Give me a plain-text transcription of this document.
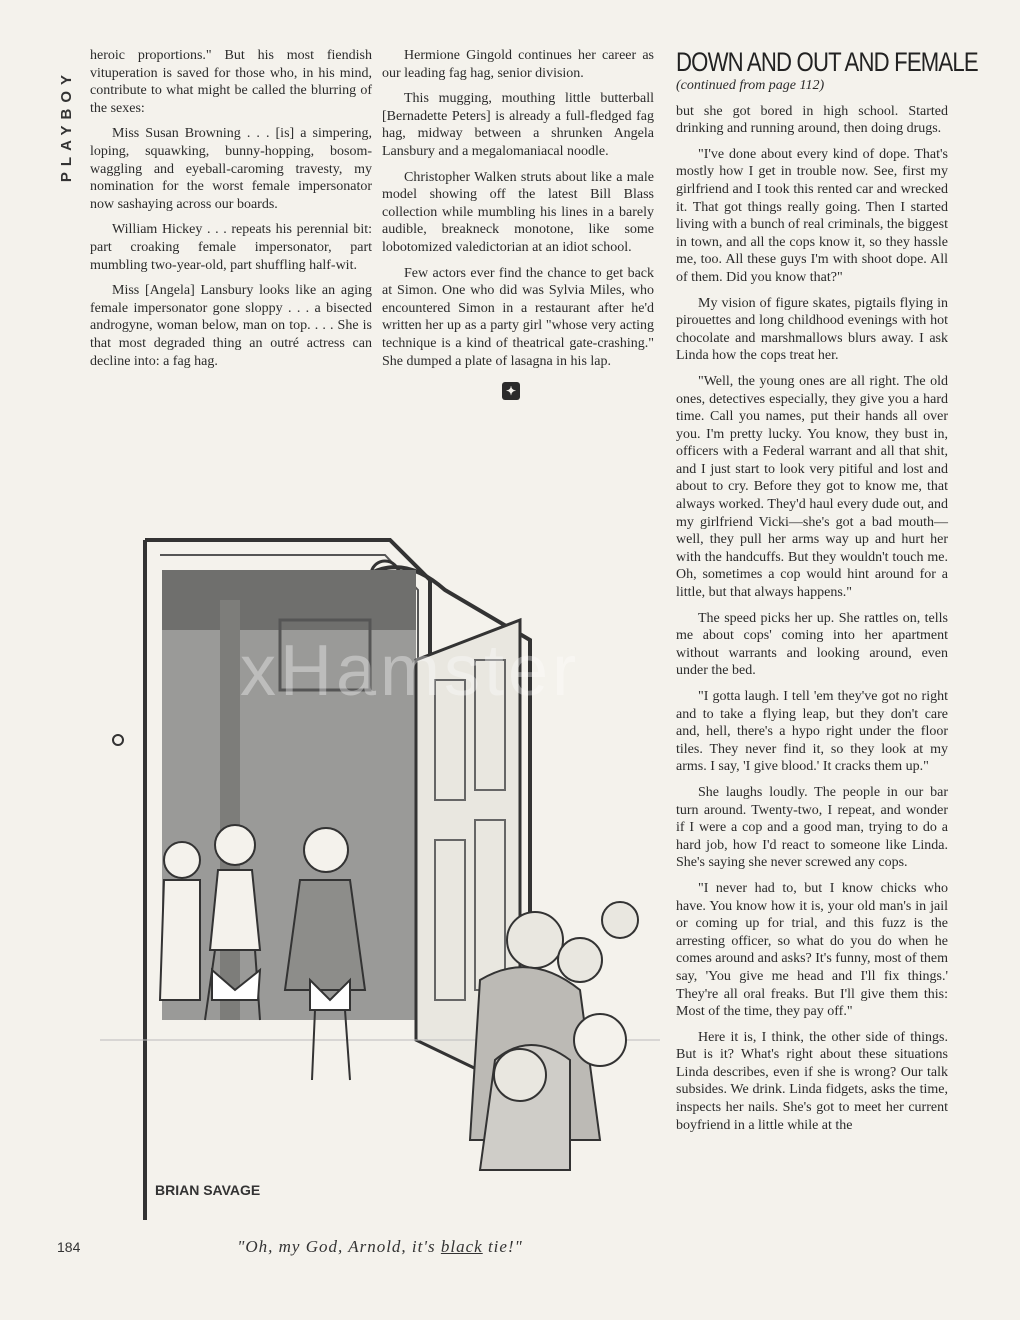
PLAYBOY

heroic proportions." But his most fiendish vituperation is saved for those who, in his mind, contribute to what might be called the blurring of the sexes:

Miss Susan Browning . . . [is] a simpering, loping, squawking, bunny-hopping, bosom-waggling and eyeball-caroming travesty, my nomination for the worst female impersonator now sashaying across our boards.

William Hickey . . . repeats his perennial bit: part croaking female impersonator, part mumbling two-year-old, part shuffling half-wit.

Miss [Angela] Lansbury looks like an aging female impersonator gone sloppy . . . a bisected androgyne, woman below, man on top. . . . She is that most degraded thing an outré actress can decline into: a fag hag.

Hermione Gingold continues her career as our leading fag hag, senior division.

This mugging, mouthing little butterball [Bernadette Peters] is already a full-fledged fag hag, midway between a shrunken Angela Lansbury and a megalomaniacal noodle.

Christopher Walken struts about like a male model showing off the latest Bill Blass collection while mumbling his lines in a barely audible, breakneck monotone, like some lobotomized valedictorian at an idiot school.

Few actors ever find the chance to get back at Simon. One who did was Sylvia Miles, who encountered Simon in a restaurant after he'd written her up as a party girl "whose very acting technique is a kind of theatrical gate-crashing." She dumped a plate of lasagna in his lap.

✦
DOWN AND OUT AND FEMALE

(continued from page 112)

but she got bored in high school. Started drinking and running around, then doing drugs.

"I've done about every kind of dope. That's mostly how I get in trouble now. See, first my girlfriend and I took this rented car and wrecked it. That got things really going. Then I started living with a bunch of real criminals, the biggest in town, and all the cops know it, so they hassle me, too. All these guys I'm with shoot dope. All of them. Did you know that?"

My vision of figure skates, pigtails flying in pirouettes and long childhood evenings with hot chocolate and marshmallows blurs away. I ask Linda how the cops treat her.

"Well, the young ones are all right. The old ones, detectives especially, they give you a hard time. Call you names, put their hands all over you. I'm pretty lucky. You know, they bust in, officers with a Federal warrant and all that shit, and I just start to look very pitiful and lost and about to cry. Before they got to know me, that always worked. They'd haul every dude out, and my girlfriend Vicki—she's got a bad mouth—well, they pull her arms way up and hurt her with the handcuffs. But they wouldn't touch me. Oh, sometimes a cop would hint around for a little, but that always happens."

The speed picks her up. She rattles on, tells me about cops' coming into her apartment without warrants and looking around, even under the bed.

"I gotta laugh. I tell 'em they've got no right and to take a flying leap, but they don't care and, hell, there's a hypo right under the floor tiles. They never find it, so they look at my arms. I say, 'I give blood.' It cracks them up."

She laughs loudly. The people in our bar turn around. Twenty-two, I repeat, and wonder if I were a cop and a good man, trying to do a hard job, how I'd react to someone like Linda. She's saying she never screwed any cops.

"I never had to, but I know chicks who have. You know how it is, your old man's in jail or coming up for trial, and this fuzz is the arresting officer, so what do you do when he comes around and asks? It's funny, most of them say, 'You give me head and I'll fix things.' They're all oral freaks. But I'll give them this: Most of the time, they pay off."

Here it is, I think, the other side of things. But is it? What's right about these situations Linda describes, even if she is wrong? Our talk subsides. We drink. Linda fidgets, asks the time, inspects her nails. She's got to meet her current boyfriend in a little while at the

BRIAN SAVAGE
xHamster
"Oh, my God, Arnold, it's black tie!"
184
